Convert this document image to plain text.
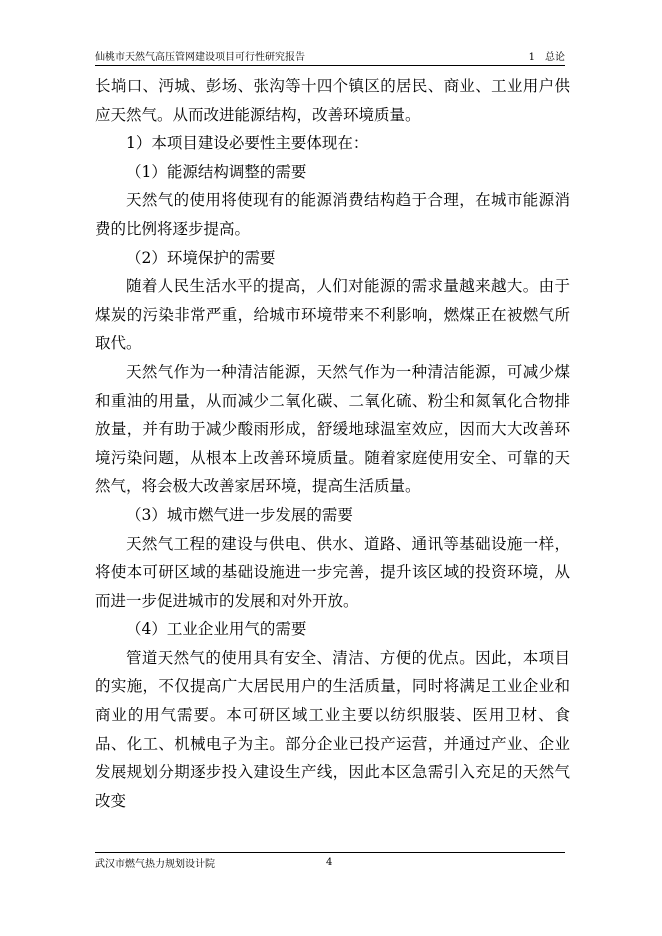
仙桃市天然气高压管网建设项目可行性研究报告	1　总论

长埫口、沔城、彭场、张沟等十四个镇区的居民、商业、工业用户供应天然气。从而改进能源结构，改善环境质量。

1）本项目建设必要性主要体现在：

（1）能源结构调整的需要

天然气的使用将使现有的能源消费结构趋于合理，在城市能源消费的比例将逐步提高。

（2）环境保护的需要

随着人民生活水平的提高，人们对能源的需求量越来越大。由于煤炭的污染非常严重，给城市环境带来不利影响，燃煤正在被燃气所取代。

天然气作为一种清洁能源，天然气作为一种清洁能源，可减少煤和重油的用量，从而减少二氧化碳、二氧化硫、粉尘和氮氧化合物排放量，并有助于减少酸雨形成，舒缓地球温室效应，因而大大改善环境污染问题，从根本上改善环境质量。随着家庭使用安全、可靠的天然气，将会极大改善家居环境，提高生活质量。

（3）城市燃气进一步发展的需要

天然气工程的建设与供电、供水、道路、通讯等基础设施一样，将使本可研区域的基础设施进一步完善，提升该区域的投资环境，从而进一步促进城市的发展和对外开放。

（4）工业企业用气的需要

管道天然气的使用具有安全、清洁、方便的优点。因此，本项目的实施，不仅提高广大居民用户的生活质量，同时将满足工业企业和商业的用气需要。本可研区域工业主要以纺织服装、医用卫材、食品、化工、机械电子为主。部分企业已投产运营，并通过产业、企业发展规划分期逐步投入建设生产线，因此本区急需引入充足的天然气改变

武汉市燃气热力规划设计院	4
